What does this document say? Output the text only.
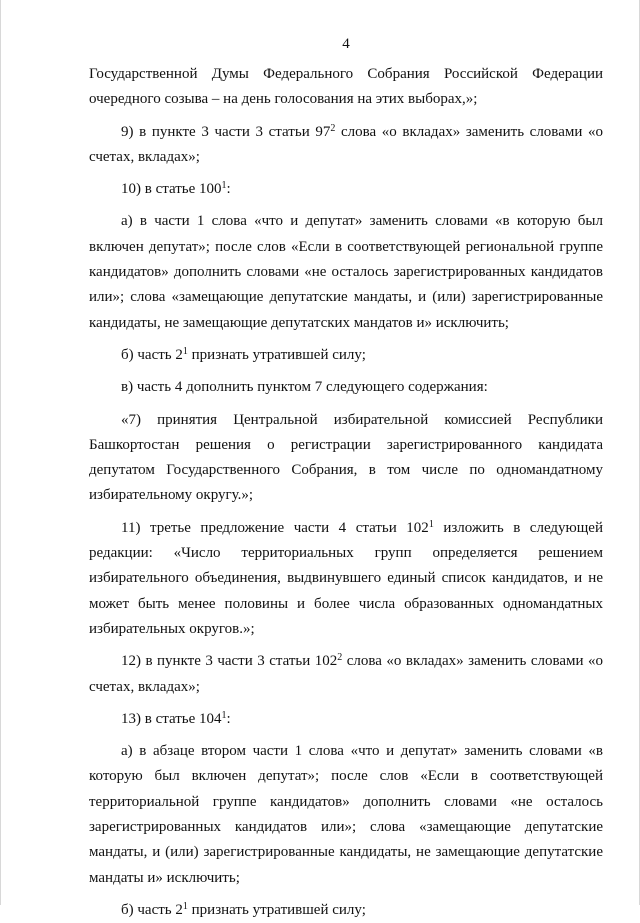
4

Государственной Думы Федерального Собрания Российской Федерации

очередного созыва – на день голосования на этих выборах,»;

9) в пункте 3 части 3 статьи $97^2$ слова «о вкладах» заменить словами «о счетах, вкладах»;

10) в статье $100^1$:

а) в части 1 слова «что и депутат» заменить словами «в которую был включен депутат»; после слов «Если в соответствующей региональной группе кандидатов» дополнить словами «не осталось зарегистрированных кандидатов или»; слова «замещающие депутатские мандаты, и (или) зарегистрированные кандидаты, не замещающие депутатских мандатов и» исключить;

б) часть $2^1$ признать утратившей силу;

в) часть 4 дополнить пунктом 7 следующего содержания:

«7) принятия Центральной избирательной комиссией Республики Башкортостан решения о регистрации зарегистрированного кандидата депутатом Государственного Собрания, в том числе по одномандатному избирательному округу.»;

11) третье предложение части 4 статьи $102^1$ изложить в следующей редакции: «Число территориальных групп определяется решением избирательного объединения, выдвинувшего единый список кандидатов, и не может быть менее половины и более числа образованных одномандатных избирательных округов.»;

12) в пункте 3 части 3 статьи $102^2$ слова «о вкладах» заменить словами «о счетах, вкладах»;

13) в статье $104^1$:

а) в абзаце втором части 1 слова «что и депутат» заменить словами «в которую был включен депутат»; после слов «Если в соответствующей территориальной группе кандидатов» дополнить словами «не осталось зарегистрированных кандидатов или»; слова «замещающие депутатские мандаты, и (или) зарегистрированные кандидаты, не замещающие депутатские мандаты и» исключить;

б) часть $2^1$ признать утратившей силу;
